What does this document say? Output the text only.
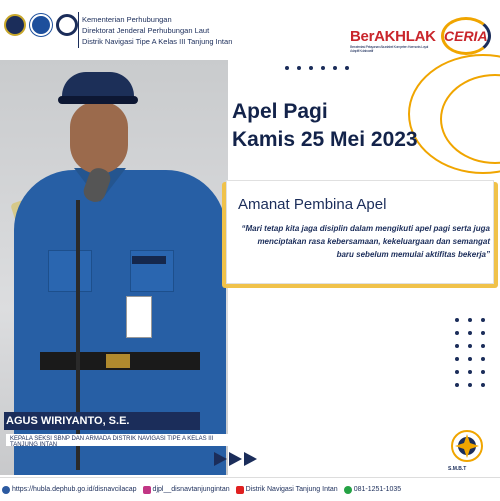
Kementerian Perhubungan
Direktorat Jenderal Perhubungan Laut
Distrik Navigasi Tipe A Kelas III Tanjung Intan	BerAKHLAK
Berorientasi Pelayanan Akuntabel Kompeten Harmonis Loyal Adaptif Kolaboratif
CERIA
Apel Pagi
Kamis 25 Mei 2023
Amanat Pembina Apel
“Mari tetap kita jaga disiplin dalam mengikuti apel pagi serta juga menciptakan rasa kebersamaan, kekeluargaan dan semangat baru sebelum memulai aktifitas bekerja”
AGUS WIRIYANTO, S.E.
KEPALA SEKSI SBNP DAN ARMADA DISTRIK NAVIGASI TIPE A KELAS III TANJUNG INTAN
S.M.B.T
https://hubla.dephub.go.id/disnavcilacap djpl__disnavtanjungintan Distrik Navigasi Tanjung Intan 081-1251-1035
